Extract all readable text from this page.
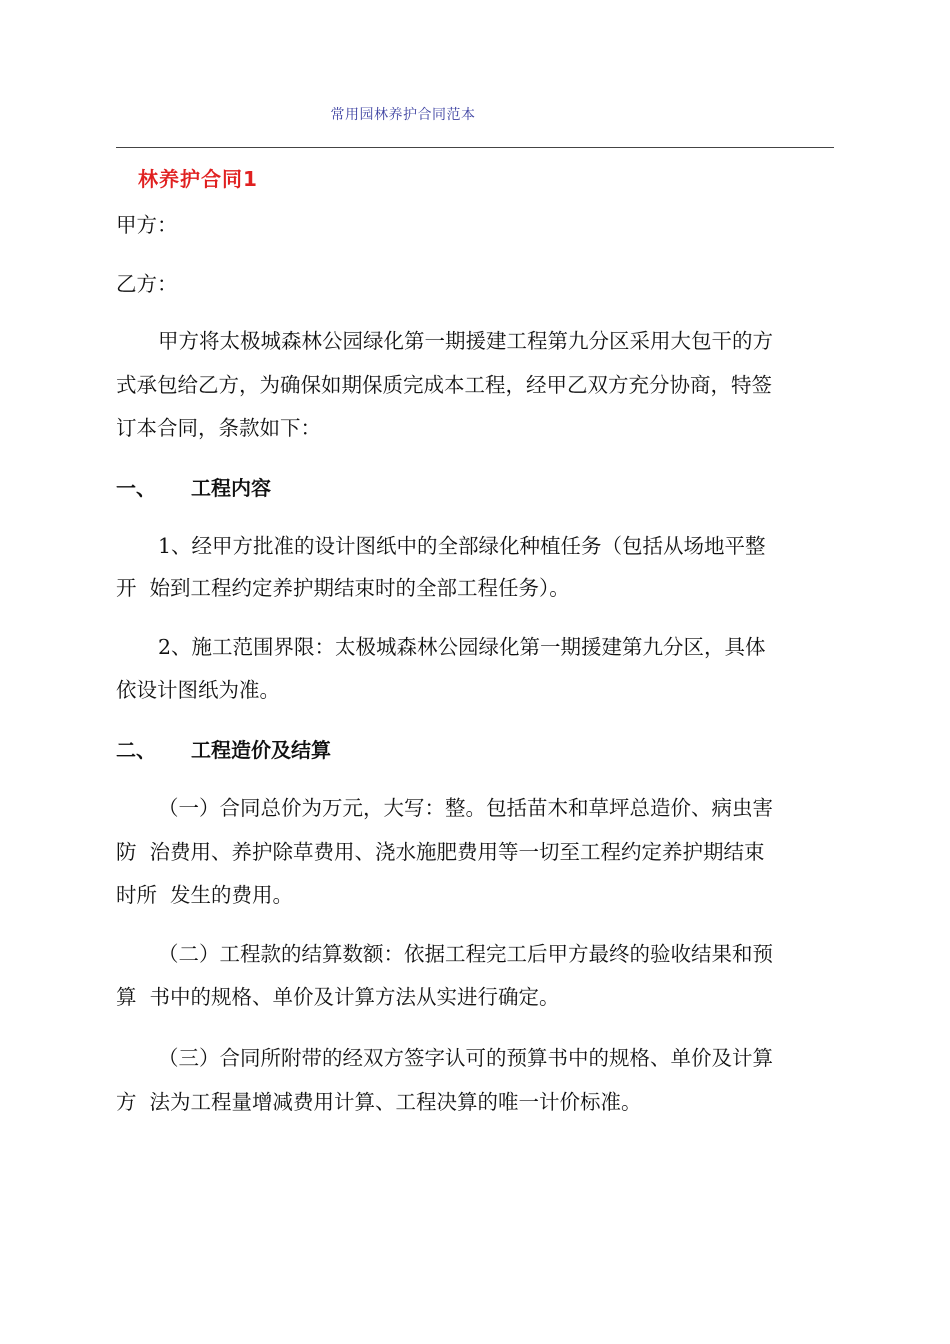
常用园林养护合同范本
林养护合同1
甲方：
乙方：
甲方将太极城森林公园绿化第一期援建工程第九分区采用大包干的方
式承包给乙方，为确保如期保质完成本工程，经甲乙双方充分协商，特签
订本合同，条款如下：
一、 工程内容
1、经甲方批准的设计图纸中的全部绿化种植任务（包括从场地平整
开  始到工程约定养护期结束时的全部工程任务）。
2、施工范围界限：太极城森林公园绿化第一期援建第九分区，具体
依设计图纸为准。
二、 工程造价及结算
（一）合同总价为万元，大写：整。包括苗木和草坪总造价、病虫害
防  治费用、养护除草费用、浇水施肥费用等一切至工程约定养护期结束
时所  发生的费用。
（二）工程款的结算数额：依据工程完工后甲方最终的验收结果和预
算  书中的规格、单价及计算方法从实进行确定。
（三）合同所附带的经双方签字认可的预算书中的规格、单价及计算
方  法为工程量增减费用计算、工程决算的唯一计价标准。
